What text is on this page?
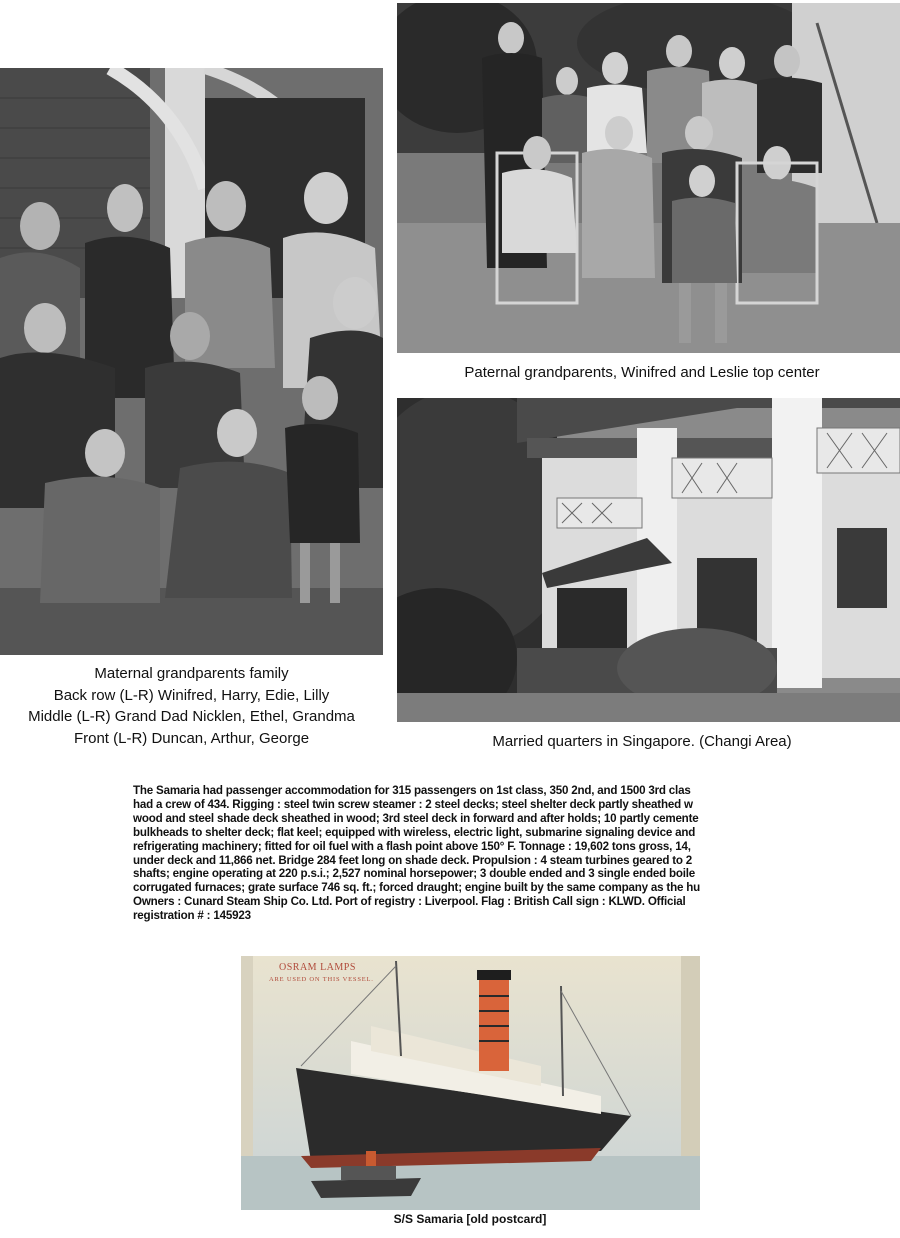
Maternal grandparents family
Back row (L-R) Winifred, Harry, Edie, Lilly
Middle (L-R) Grand Dad Nicklen, Ethel, Grandma
Front (L-R) Duncan, Arthur, George
Paternal grandparents, Winifred and Leslie top center
Married quarters in Singapore. (Changi Area)
The Samaria had passenger accommodation for 315 passengers on 1st class, 350 2nd, and 1500 3rd clas
had a crew of 434. Rigging : steel twin screw steamer : 2 steel decks; steel shelter deck partly sheathed w
wood and steel shade deck sheathed in wood; 3rd steel deck in forward and after holds; 10 partly cemente
bulkheads to shelter deck; flat keel; equipped with wireless, electric light, submarine signaling device and
refrigerating machinery; fitted for oil fuel with a flash point above 150° F. Tonnage : 19,602 tons gross, 14,
under deck and 11,866 net. Bridge 284 feet long on shade deck. Propulsion : 4 steam turbines geared to 2
shafts; engine operating at 220 p.s.i.; 2,527 nominal horsepower; 3 double ended and 3 single ended boile
corrugated furnaces; grate surface 746 sq. ft.; forced draught; engine built by the same company as the hu
Owners : Cunard Steam Ship Co. Ltd. Port of registry : Liverpool. Flag : British Call sign : KLWD. Official
registration # : 145923
OSRAM LAMPS
ARE USED ON THIS VESSEL.
S/S Samaria [old postcard]
